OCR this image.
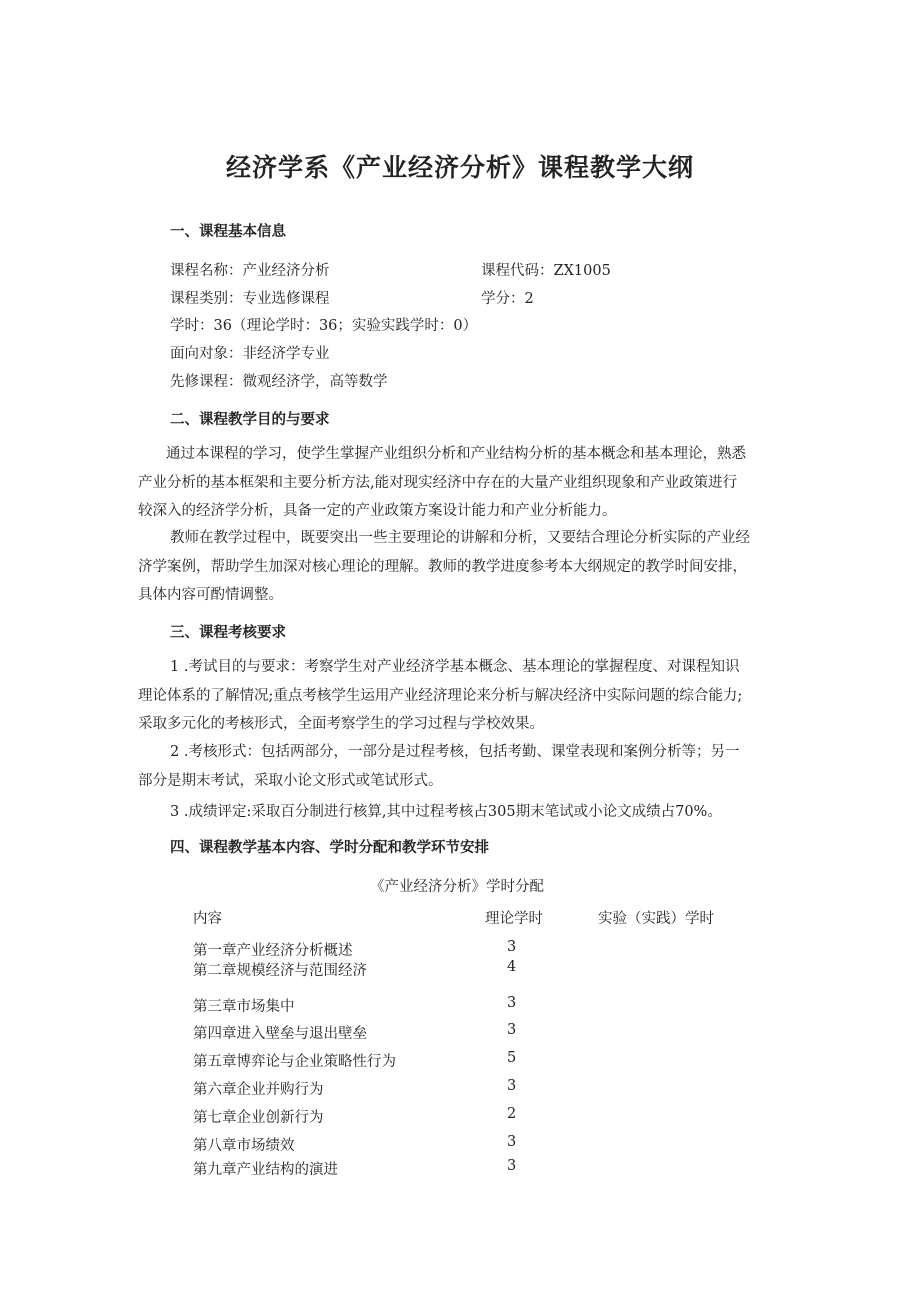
经济学系《产业经济分析》课程教学大纲
一、课程基本信息
课程名称：产业经济分析	课程代码：ZX1005
课程类别：专业选修课程	学分：2
学时：36（理论学时：36；实验实践学时：0）
面向对象：非经济学专业
先修课程：微观经济学，高等数学
二、课程教学目的与要求
通过本课程的学习，使学生掌握产业组织分析和产业结构分析的基本概念和基本理论，熟悉
产业分析的基本框架和主要分析方法,能对现实经济中存在的大量产业组织现象和产业政策进行
较深入的经济学分析，具备一定的产业政策方案设计能力和产业分析能力。
教师在教学过程中，既要突出一些主要理论的讲解和分析，又要结合理论分析实际的产业经
济学案例，帮助学生加深对核心理论的理解。教师的教学进度参考本大纲规定的教学时间安排，
具体内容可酌情调整。
三、课程考核要求
1 .考试目的与要求：考察学生对产业经济学基本概念、基本理论的掌握程度、对课程知识
理论体系的了解情况;重点考核学生运用产业经济理论来分析与解决经济中实际问题的综合能力;
采取多元化的考核形式，全面考察学生的学习过程与学校效果。
2 .考核形式：包括两部分，一部分是过程考核，包括考勤、课堂表现和案例分析等；另一
部分是期末考试，采取小论文形式或笔试形式。
3 .成绩评定:采取百分制进行核算,其中过程考核占305期末笔试或小论文成绩占70%。
四、课程教学基本内容、学时分配和教学环节安排
《产业经济分析》学时分配
内容	理论学时	实验（实践）学时
第一章产业经济分析概述	3
第二章规模经济与范围经济	4
第三章市场集中	3
第四章进入壁垒与退出壁垒	3
第五章博弈论与企业策略性行为	5
第六章企业并购行为	3
第七章企业创新行为	2
第八章市场绩效	3
第九章产业结构的演进	3
